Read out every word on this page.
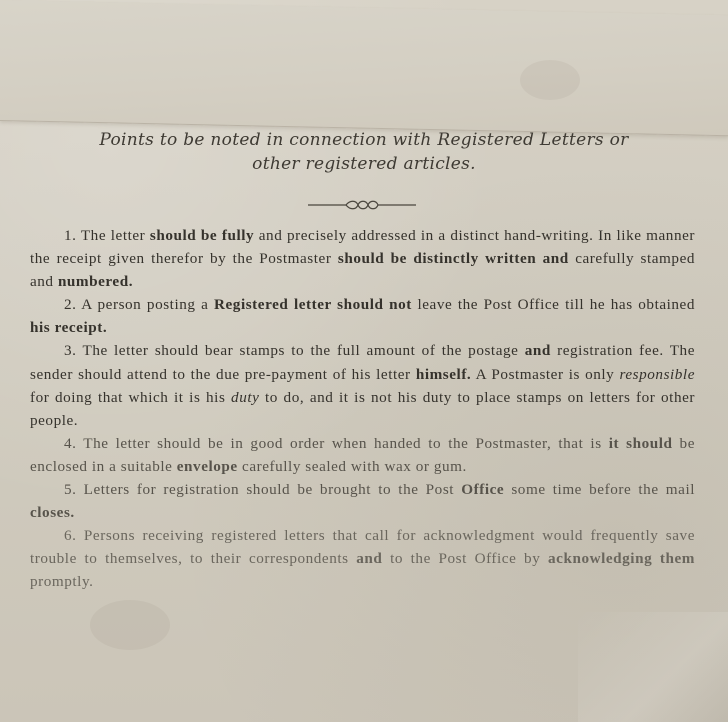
Points to be noted in connection with Registered Letters or
other registered articles.

1. The letter should be fully and precisely addressed in a distinct hand-writing. In like manner the receipt given therefor by the Postmaster should be distinctly written and carefully stamped and numbered.

2. A person posting a Registered letter should not leave the Post Office till he has obtained his receipt.

3. The letter should bear stamps to the full amount of the postage and registration fee. The sender should attend to the due pre-payment of his letter himself. A Postmaster is only responsible for doing that which it is his duty to do, and it is not his duty to place stamps on letters for other people.

4. The letter should be in good order when handed to the Postmaster, that is it should be enclosed in a suitable envelope carefully sealed with wax or gum.

5. Letters for registration should be brought to the Post Office some time before the mail closes.

6. Persons receiving registered letters that call for acknowledgment would frequently save trouble to themselves, to their correspondents and to the Post Office by acknowledging them promptly.
